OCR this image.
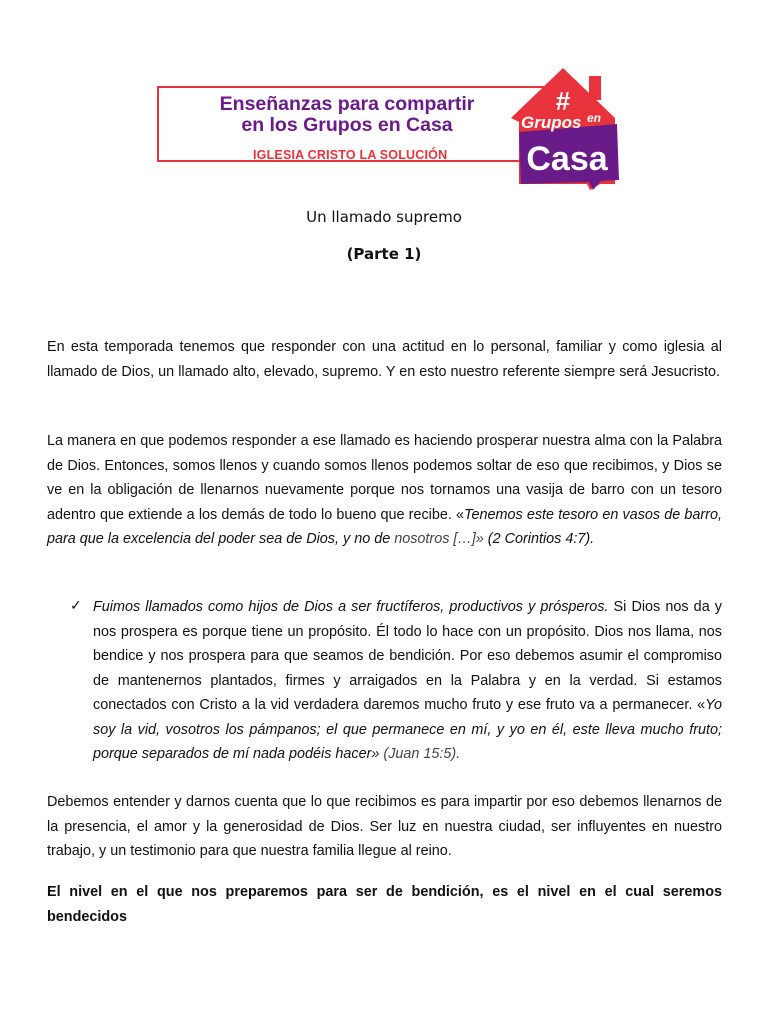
Enseñanzas para compartir
en los Grupos en Casa
IGLESIA CRISTO LA SOLUCIÓN
#
Grupos en
Casa
Un llamado supremo
(Parte 1)

En esta temporada tenemos que responder con una actitud en lo personal, familiar y como iglesia al llamado de Dios, un llamado alto, elevado, supremo. Y en esto nuestro referente siempre será Jesucristo.

La manera en que podemos responder a ese llamado es haciendo prosperar nuestra alma con la Palabra de Dios. Entonces, somos llenos y cuando somos llenos podemos soltar de eso que recibimos, y Dios se ve en la obligación de llenarnos nuevamente porque nos tornamos una vasija de barro con un tesoro adentro que extiende a los demás de todo lo bueno que recibe. «Tenemos este tesoro en vasos de barro, para que la excelencia del poder sea de Dios, y no de nosotros […]» (2 Corintios 4:7).

✓ Fuimos llamados como hijos de Dios a ser fructíferos, productivos y prósperos. Si Dios nos da y nos prospera es porque tiene un propósito. Él todo lo hace con un propósito. Dios nos llama, nos bendice y nos prospera para que seamos de bendición. Por eso debemos asumir el compromiso de mantenernos plantados, firmes y arraigados en la Palabra y en la verdad. Si estamos conectados con Cristo a la vid verdadera daremos mucho fruto y ese fruto va a permanecer. «Yo soy la vid, vosotros los pámpanos; el que permanece en mí, y yo en él, este lleva mucho fruto; porque separados de mí nada podéis hacer» (Juan 15:5).

Debemos entender y darnos cuenta que lo que recibimos es para impartir por eso debemos llenarnos de la presencia, el amor y la generosidad de Dios. Ser luz en nuestra ciudad, ser influyentes en nuestro trabajo, y un testimonio para que nuestra familia llegue al reino.

El nivel en el que nos preparemos para ser de bendición, es el nivel en el cual seremos bendecidos
